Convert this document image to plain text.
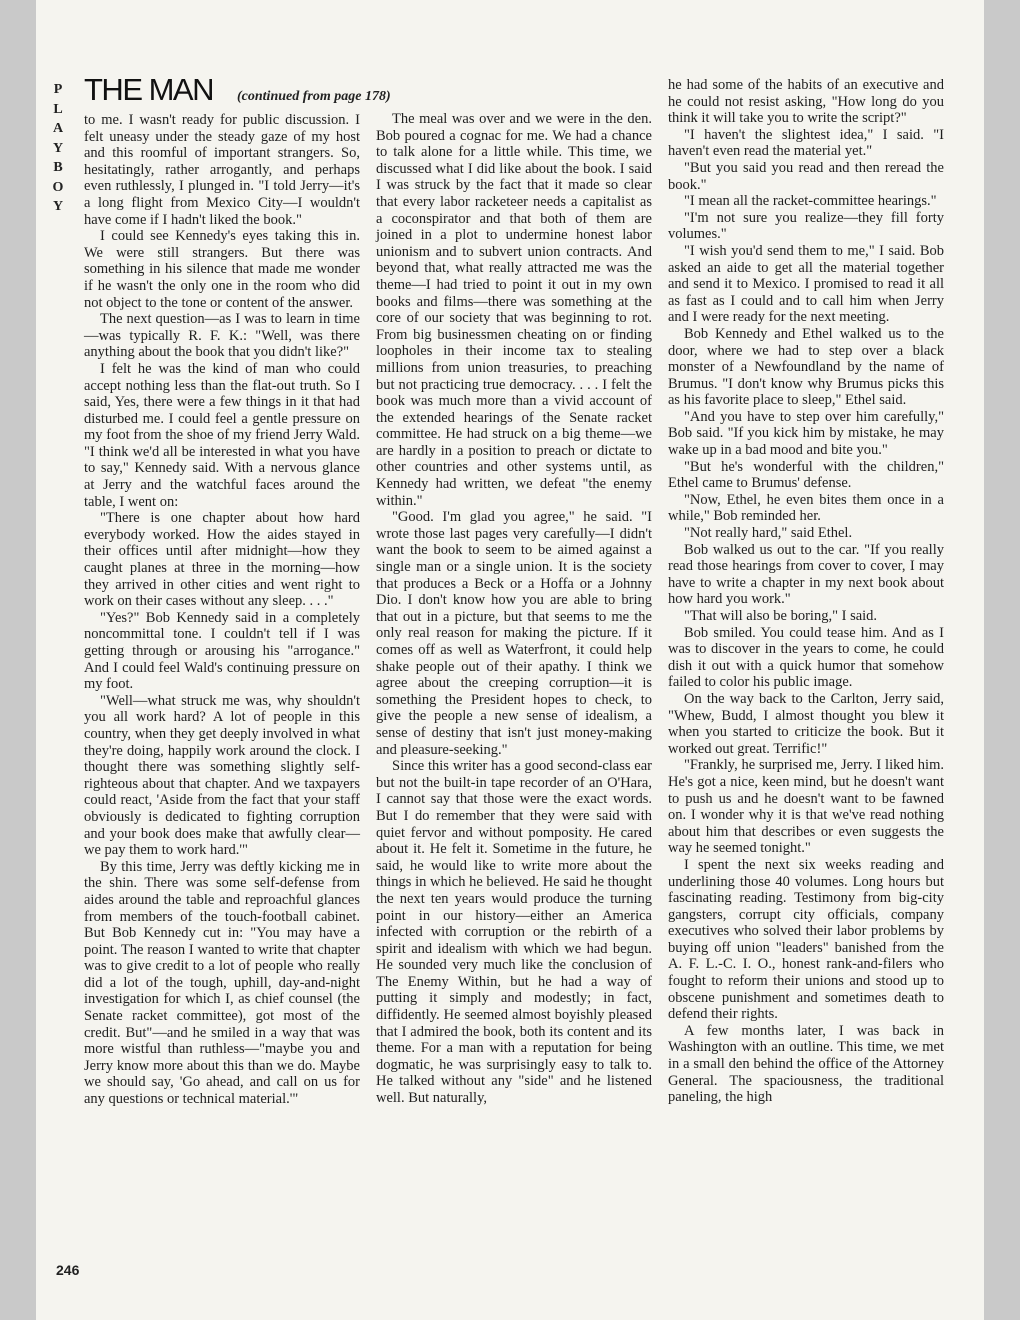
P
L
A
Y
B
O
Y
THE MAN (continued from page 178)

to me. I wasn't ready for public discussion. I felt uneasy under the steady gaze of my host and this roomful of important strangers. So, hesitatingly, rather arrogantly, and perhaps even ruthlessly, I plunged in. "I told Jerry—it's a long flight from Mexico City—I wouldn't have come if I hadn't liked the book."

I could see Kennedy's eyes taking this in. We were still strangers. But there was something in his silence that made me wonder if he wasn't the only one in the room who did not object to the tone or content of the answer.

The next question—as I was to learn in time—was typically R. F. K.: "Well, was there anything about the book that you didn't like?"

I felt he was the kind of man who could accept nothing less than the flat-out truth. So I said, Yes, there were a few things in it that had disturbed me. I could feel a gentle pressure on my foot from the shoe of my friend Jerry Wald. "I think we'd all be interested in what you have to say," Kennedy said. With a nervous glance at Jerry and the watchful faces around the table, I went on:

"There is one chapter about how hard everybody worked. How the aides stayed in their offices until after midnight—how they caught planes at three in the morning—how they arrived in other cities and went right to work on their cases without any sleep. . . ."

"Yes?" Bob Kennedy said in a completely noncommittal tone. I couldn't tell if I was getting through or arousing his "arrogance." And I could feel Wald's continuing pressure on my foot.

"Well—what struck me was, why shouldn't you all work hard? A lot of people in this country, when they get deeply involved in what they're doing, happily work around the clock. I thought there was something slightly self-righteous about that chapter. And we taxpayers could react, 'Aside from the fact that your staff obviously is dedicated to fighting corruption and your book does make that awfully clear—we pay them to work hard.'"

By this time, Jerry was deftly kicking me in the shin. There was some self-defense from aides around the table and reproachful glances from members of the touch-football cabinet. But Bob Kennedy cut in: "You may have a point. The reason I wanted to write that chapter was to give credit to a lot of people who really did a lot of the tough, uphill, day-and-night investigation for which I, as chief counsel (the Senate racket committee), got most of the credit. But"—and he smiled in a way that was more wistful than ruthless—"maybe you and Jerry know more about this than we do. Maybe we should say, 'Go ahead, and call on us for any questions or technical material.'"

The meal was over and we were in the den. Bob poured a cognac for me. We had a chance to talk alone for a little while. This time, we discussed what I did like about the book. I said I was struck by the fact that it made so clear that every labor racketeer needs a capitalist as a coconspirator and that both of them are joined in a plot to undermine honest labor unionism and to subvert union contracts. And beyond that, what really attracted me was the theme—I had tried to point it out in my own books and films—there was something at the core of our society that was beginning to rot. From big businessmen cheating on or finding loopholes in their income tax to stealing millions from union treasuries, to preaching but not practicing true democracy. . . . I felt the book was much more than a vivid account of the extended hearings of the Senate racket committee. He had struck on a big theme—we are hardly in a position to preach or dictate to other countries and other systems until, as Kennedy had written, we defeat "the enemy within."

"Good. I'm glad you agree," he said. "I wrote those last pages very carefully—I didn't want the book to seem to be aimed against a single man or a single union. It is the society that produces a Beck or a Hoffa or a Johnny Dio. I don't know how you are able to bring that out in a picture, but that seems to me the only real reason for making the picture. If it comes off as well as Waterfront, it could help shake people out of their apathy. I think we agree about the creeping corruption—it is something the President hopes to check, to give the people a new sense of idealism, a sense of destiny that isn't just money-making and pleasure-seeking."

Since this writer has a good second-class ear but not the built-in tape recorder of an O'Hara, I cannot say that those were the exact words. But I do remember that they were said with quiet fervor and without pomposity. He cared about it. He felt it. Sometime in the future, he said, he would like to write more about the things in which he believed. He said he thought the next ten years would produce the turning point in our history—either an America infected with corruption or the rebirth of a spirit and idealism with which we had begun. He sounded very much like the conclusion of The Enemy Within, but he had a way of putting it simply and modestly; in fact, diffidently. He seemed almost boyishly pleased that I admired the book, both its content and its theme. For a man with a reputation for being dogmatic, he was surprisingly easy to talk to. He talked without any "side" and he listened well. But naturally,

he had some of the habits of an executive and he could not resist asking, "How long do you think it will take you to write the script?"

"I haven't the slightest idea," I said. "I haven't even read the material yet."

"But you said you read and then reread the book."

"I mean all the racket-committee hearings."

"I'm not sure you realize—they fill forty volumes."

"I wish you'd send them to me," I said. Bob asked an aide to get all the material together and send it to Mexico. I promised to read it all as fast as I could and to call him when Jerry and I were ready for the next meeting.

Bob Kennedy and Ethel walked us to the door, where we had to step over a black monster of a Newfoundland by the name of Brumus. "I don't know why Brumus picks this as his favorite place to sleep," Ethel said.

"And you have to step over him carefully," Bob said. "If you kick him by mistake, he may wake up in a bad mood and bite you."

"But he's wonderful with the children," Ethel came to Brumus' defense.

"Now, Ethel, he even bites them once in a while," Bob reminded her.

"Not really hard," said Ethel.

Bob walked us out to the car. "If you really read those hearings from cover to cover, I may have to write a chapter in my next book about how hard you work."

"That will also be boring," I said.

Bob smiled. You could tease him. And as I was to discover in the years to come, he could dish it out with a quick humor that somehow failed to color his public image.

On the way back to the Carlton, Jerry said, "Whew, Budd, I almost thought you blew it when you started to criticize the book. But it worked out great. Terrific!"

"Frankly, he surprised me, Jerry. I liked him. He's got a nice, keen mind, but he doesn't want to push us and he doesn't want to be fawned on. I wonder why it is that we've read nothing about him that describes or even suggests the way he seemed tonight."

I spent the next six weeks reading and underlining those 40 volumes. Long hours but fascinating reading. Testimony from big-city gangsters, corrupt city officials, company executives who solved their labor problems by buying off union "leaders" banished from the A. F. L.-C. I. O., honest rank-and-filers who fought to reform their unions and stood up to obscene punishment and sometimes death to defend their rights.

A few months later, I was back in Washington with an outline. This time, we met in a small den behind the office of the Attorney General. The spaciousness, the traditional paneling, the high

246
